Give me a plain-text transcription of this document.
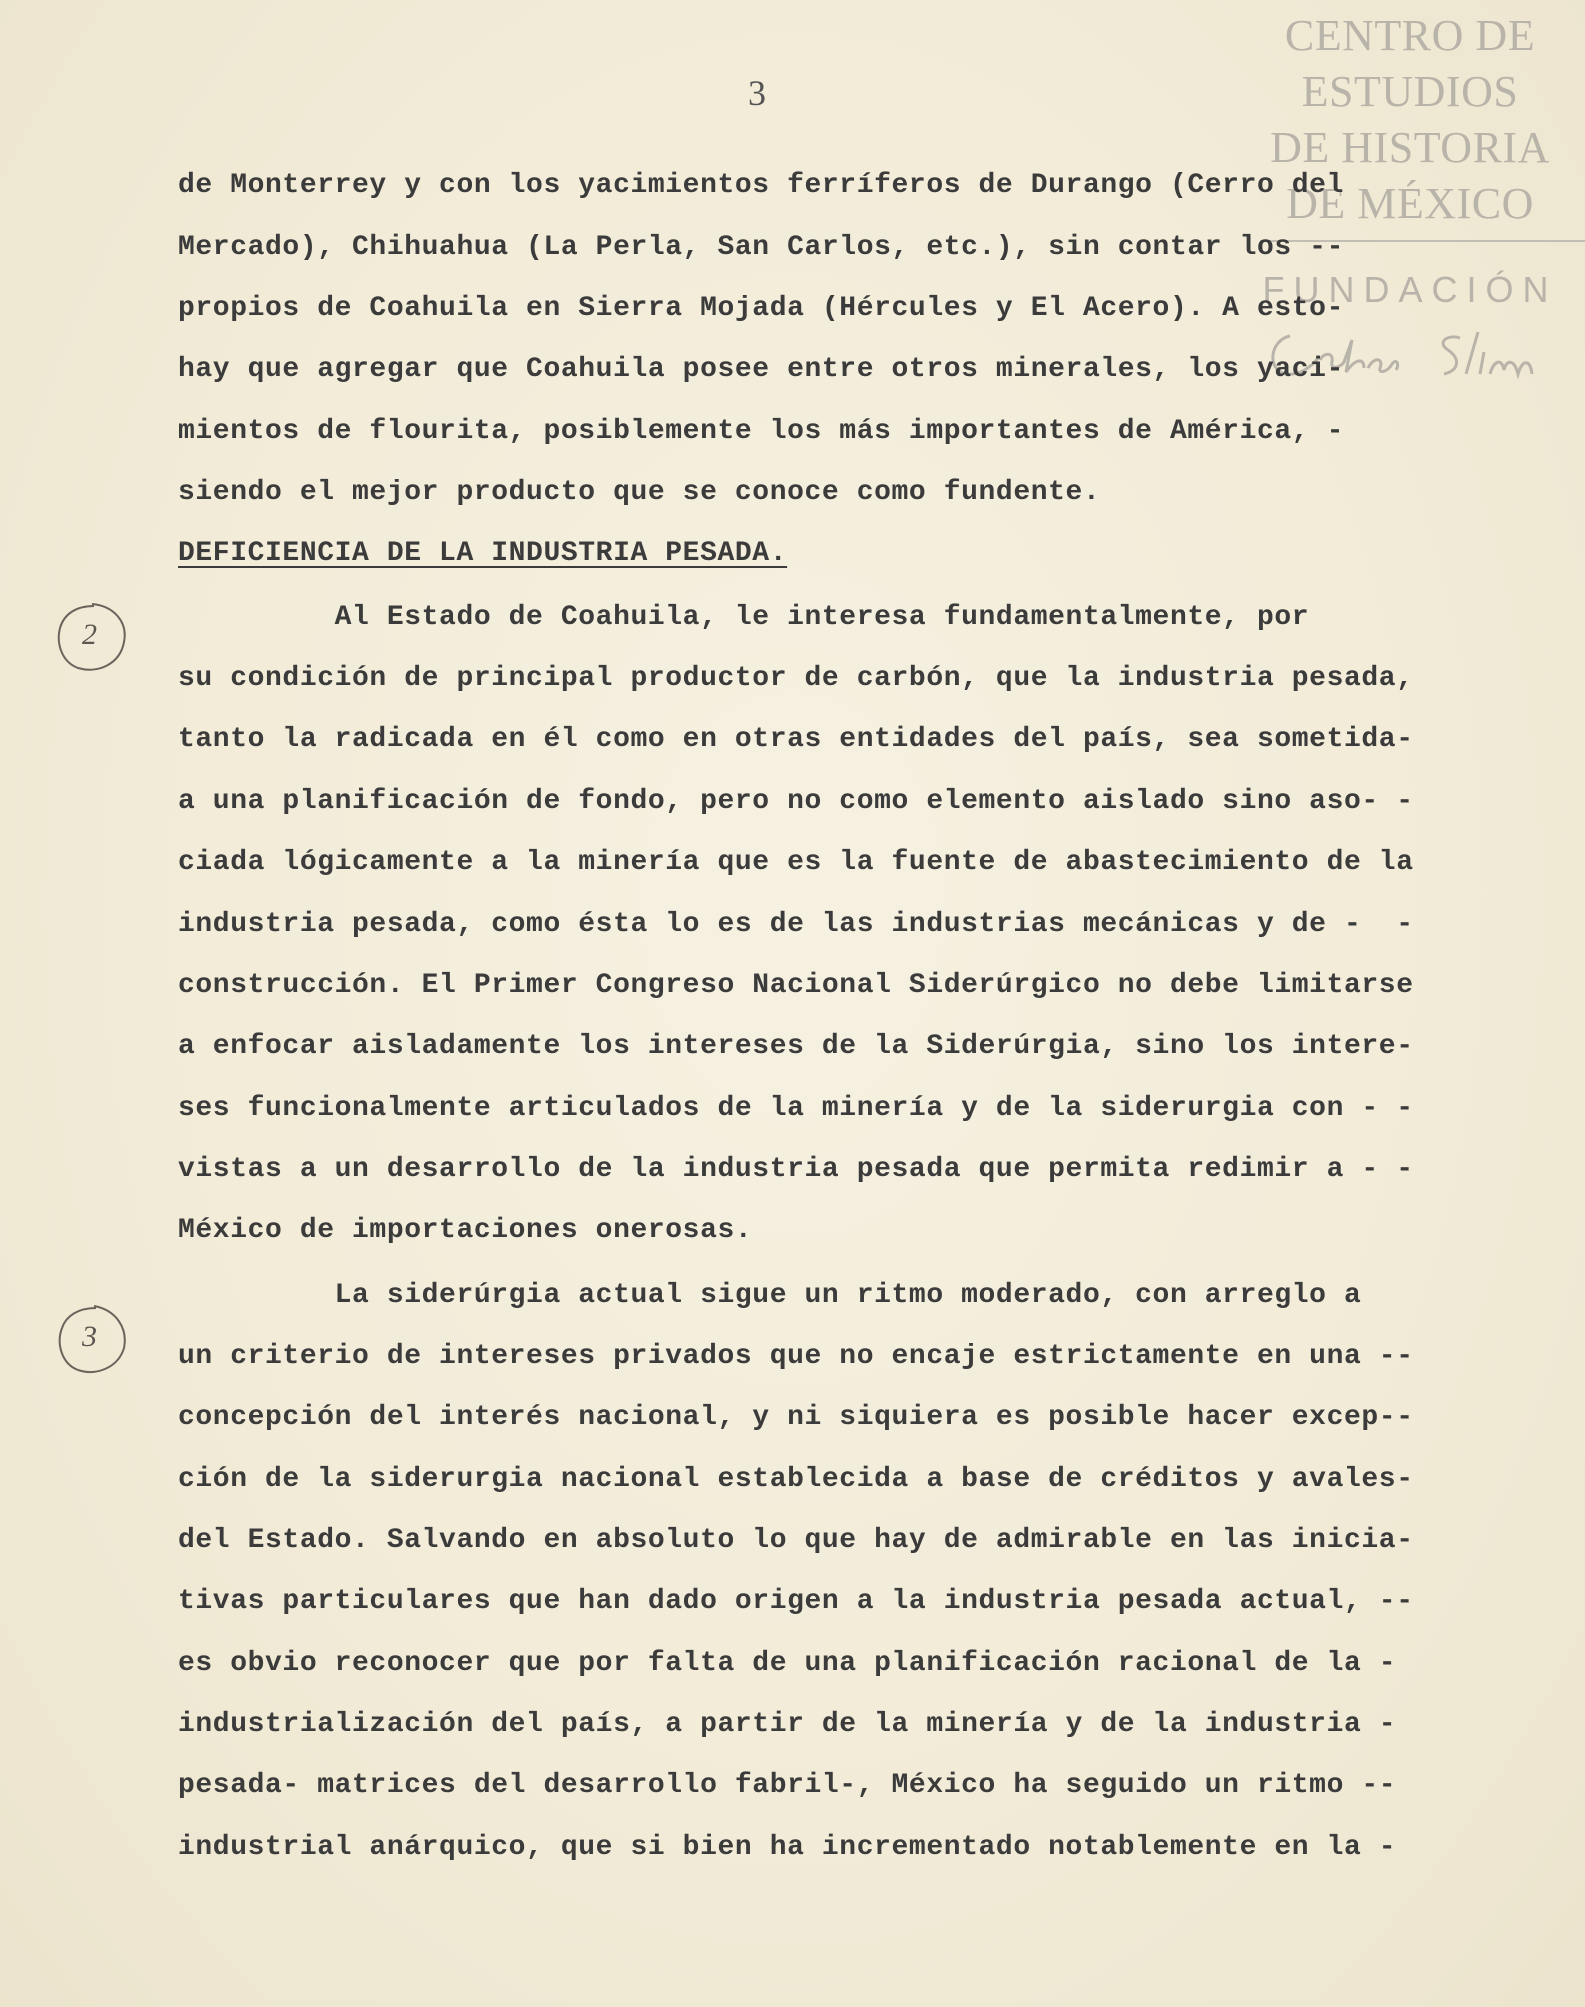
3
CENTRO DE
ESTUDIOS
DE HISTORIA
DE MÉXICO
FUNDACIÓN
de Monterrey y con los yacimientos ferríferos de Durango (Cerro del
Mercado), Chihuahua (La Perla, San Carlos, etc.), sin contar los --
propios de Coahuila en Sierra Mojada (Hércules y El Acero). A esto-
hay que agregar que Coahuila posee entre otros minerales, los yaci-
mientos de flourita, posiblemente los más importantes de América, -
siendo el mejor producto que se conoce como fundente.
DEFICIENCIA DE LA INDUSTRIA PESADA.
Al Estado de Coahuila, le interesa fundamentalmente, por
su condición de principal productor de carbón, que la industria pesada,
tanto la radicada en él como en otras entidades del país, sea sometida-
a una planificación de fondo, pero no como elemento aislado sino aso- -
ciada lógicamente a la minería que es la fuente de abastecimiento de la
industria pesada, como ésta lo es de las industrias mecánicas y de -  -
construcción. El Primer Congreso Nacional Siderúrgico no debe limitarse
a enfocar aisladamente los intereses de la Siderúrgia, sino los intere-
ses funcionalmente articulados de la minería y de la siderurgia con - -
vistas a un desarrollo de la industria pesada que permita redimir a - -
México de importaciones onerosas.
La siderúrgia actual sigue un ritmo moderado, con arreglo a
un criterio de intereses privados que no encaje estrictamente en una --
concepción del interés nacional, y ni siquiera es posible hacer excep--
ción de la siderurgia nacional establecida a base de créditos y avales-
del Estado. Salvando en absoluto lo que hay de admirable en las inicia-
tivas particulares que han dado origen a la industria pesada actual, --
es obvio reconocer que por falta de una planificación racional de la -
industrialización del país, a partir de la minería y de la industria -
pesada- matrices del desarrollo fabril-, México ha seguido un ritmo --
industrial anárquico, que si bien ha incrementado notablemente en la -
2
3
